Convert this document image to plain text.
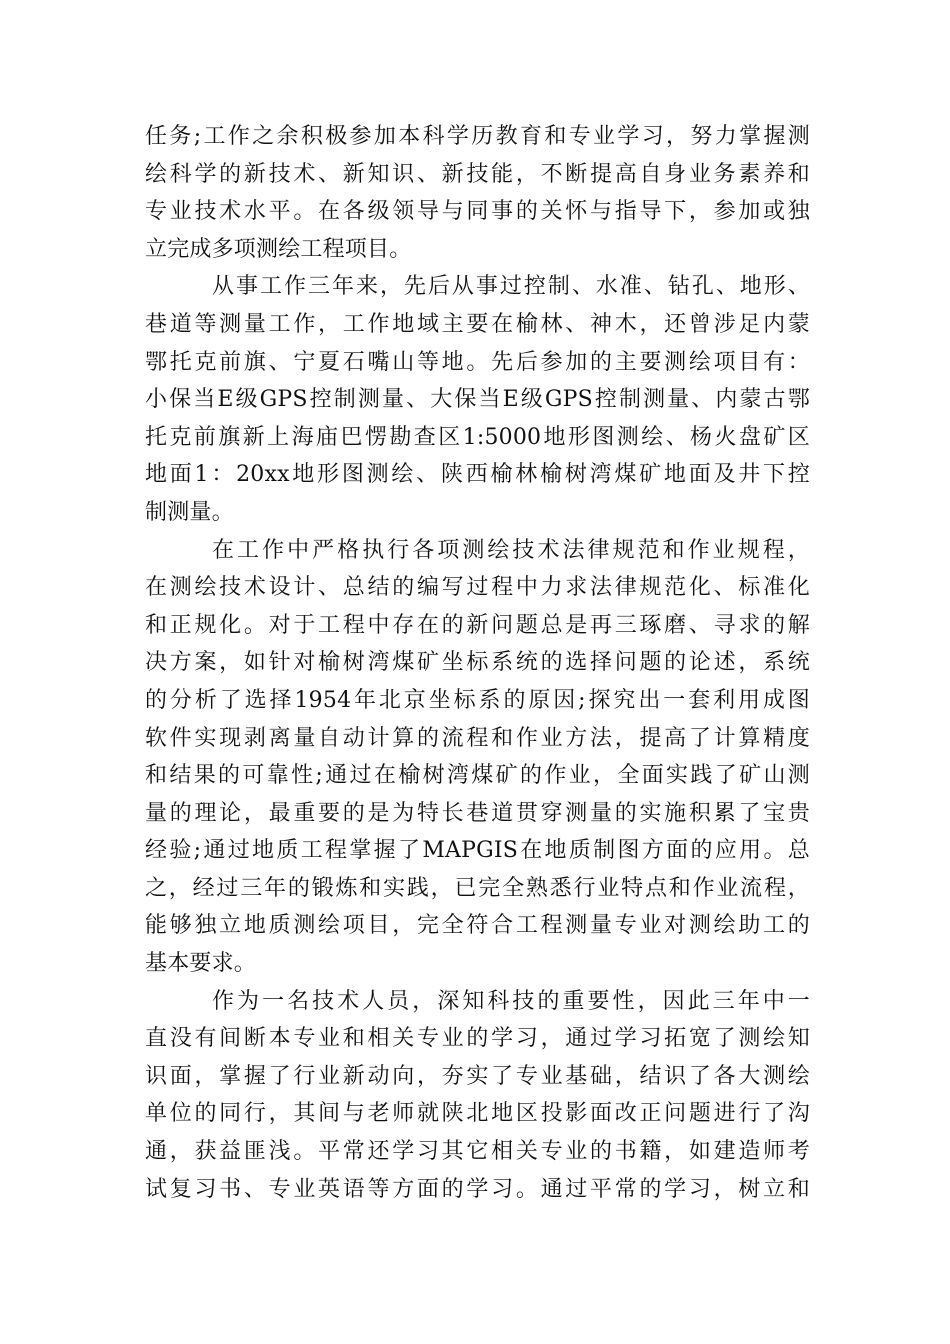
任务;工作之余积极参加本科学历教育和专业学习，努力掌握测
绘科学的新技术、新知识、新技能，不断提高自身业务素养和
专业技术水平。在各级领导与同事的关怀与指导下，参加或独
立完成多项测绘工程项目。
从事工作三年来，先后从事过控制、水准、钻孔、地形、
巷道等测量工作，工作地域主要在榆林、神木，还曾涉足内蒙
鄂托克前旗、宁夏石嘴山等地。先后参加的主要测绘项目有：
小保当E级GPS控制测量、大保当E级GPS控制测量、内蒙古鄂
托克前旗新上海庙巴愣勘查区1:5000地形图测绘、杨火盘矿区
地面1：20xx地形图测绘、陕西榆林榆树湾煤矿地面及井下控
制测量。
在工作中严格执行各项测绘技术法律规范和作业规程，
在测绘技术设计、总结的编写过程中力求法律规范化、标准化
和正规化。对于工程中存在的新问题总是再三琢磨、寻求的解
决方案，如针对榆树湾煤矿坐标系统的选择问题的论述，系统
的分析了选择1954年北京坐标系的原因;探究出一套利用成图
软件实现剥离量自动计算的流程和作业方法，提高了计算精度
和结果的可靠性;通过在榆树湾煤矿的作业，全面实践了矿山测
量的理论，最重要的是为特长巷道贯穿测量的实施积累了宝贵
经验;通过地质工程掌握了MAPGIS在地质制图方面的应用。总
之，经过三年的锻炼和实践，已完全熟悉行业特点和作业流程，
能够独立地质测绘项目，完全符合工程测量专业对测绘助工的
基本要求。
作为一名技术人员，深知科技的重要性，因此三年中一
直没有间断本专业和相关专业的学习，通过学习拓宽了测绘知
识面，掌握了行业新动向，夯实了专业基础，结识了各大测绘
单位的同行，其间与老师就陕北地区投影面改正问题进行了沟
通，获益匪浅。平常还学习其它相关专业的书籍，如建造师考
试复习书、专业英语等方面的学习。通过平常的学习，树立和
